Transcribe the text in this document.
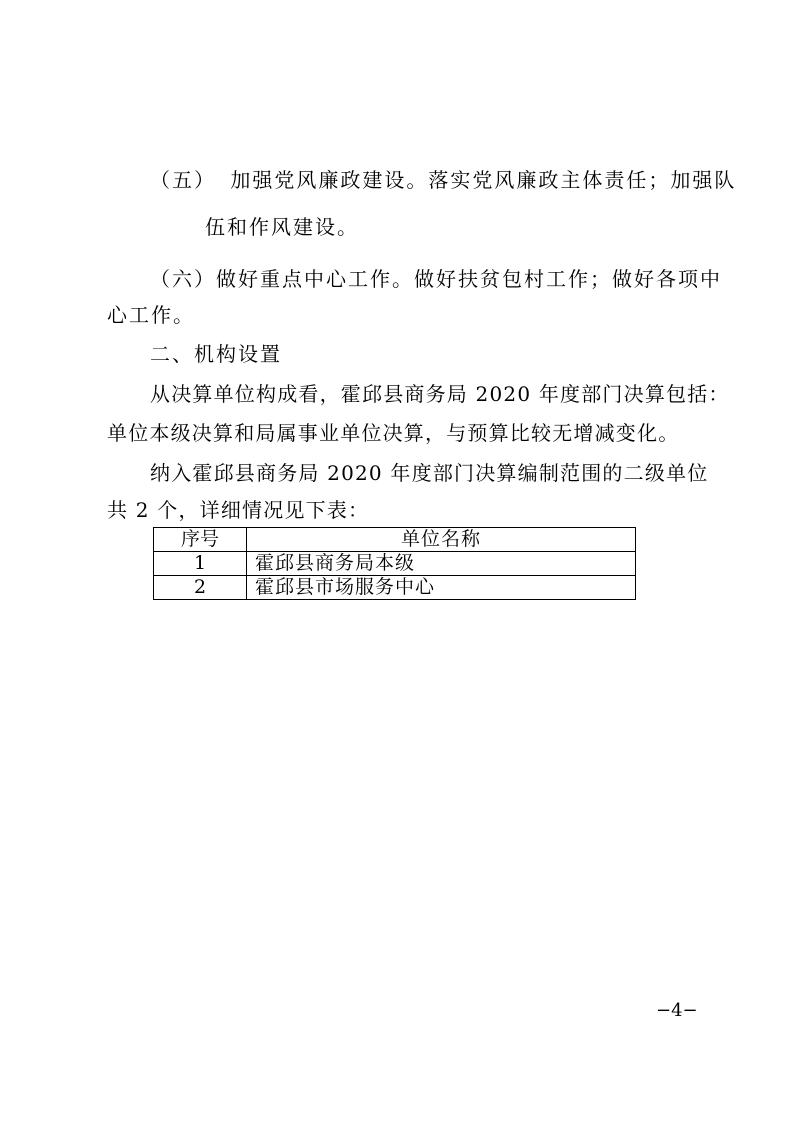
（五） 加强党风廉政建设。落实党风廉政主体责任；加强队
伍和作风建设。
（六）做好重点中心工作。做好扶贫包村工作；做好各项中
心工作。
二、机构设置
从决算单位构成看，霍邱县商务局 2020 年度部门决算包括：
单位本级决算和局属事业单位决算，与预算比较无增减变化。
纳入霍邱县商务局 2020 年度部门决算编制范围的二级单位
共 2 个，详细情况见下表：
序号	单位名称
1	霍邱县商务局本级
2	霍邱县市场服务中心
−4−
